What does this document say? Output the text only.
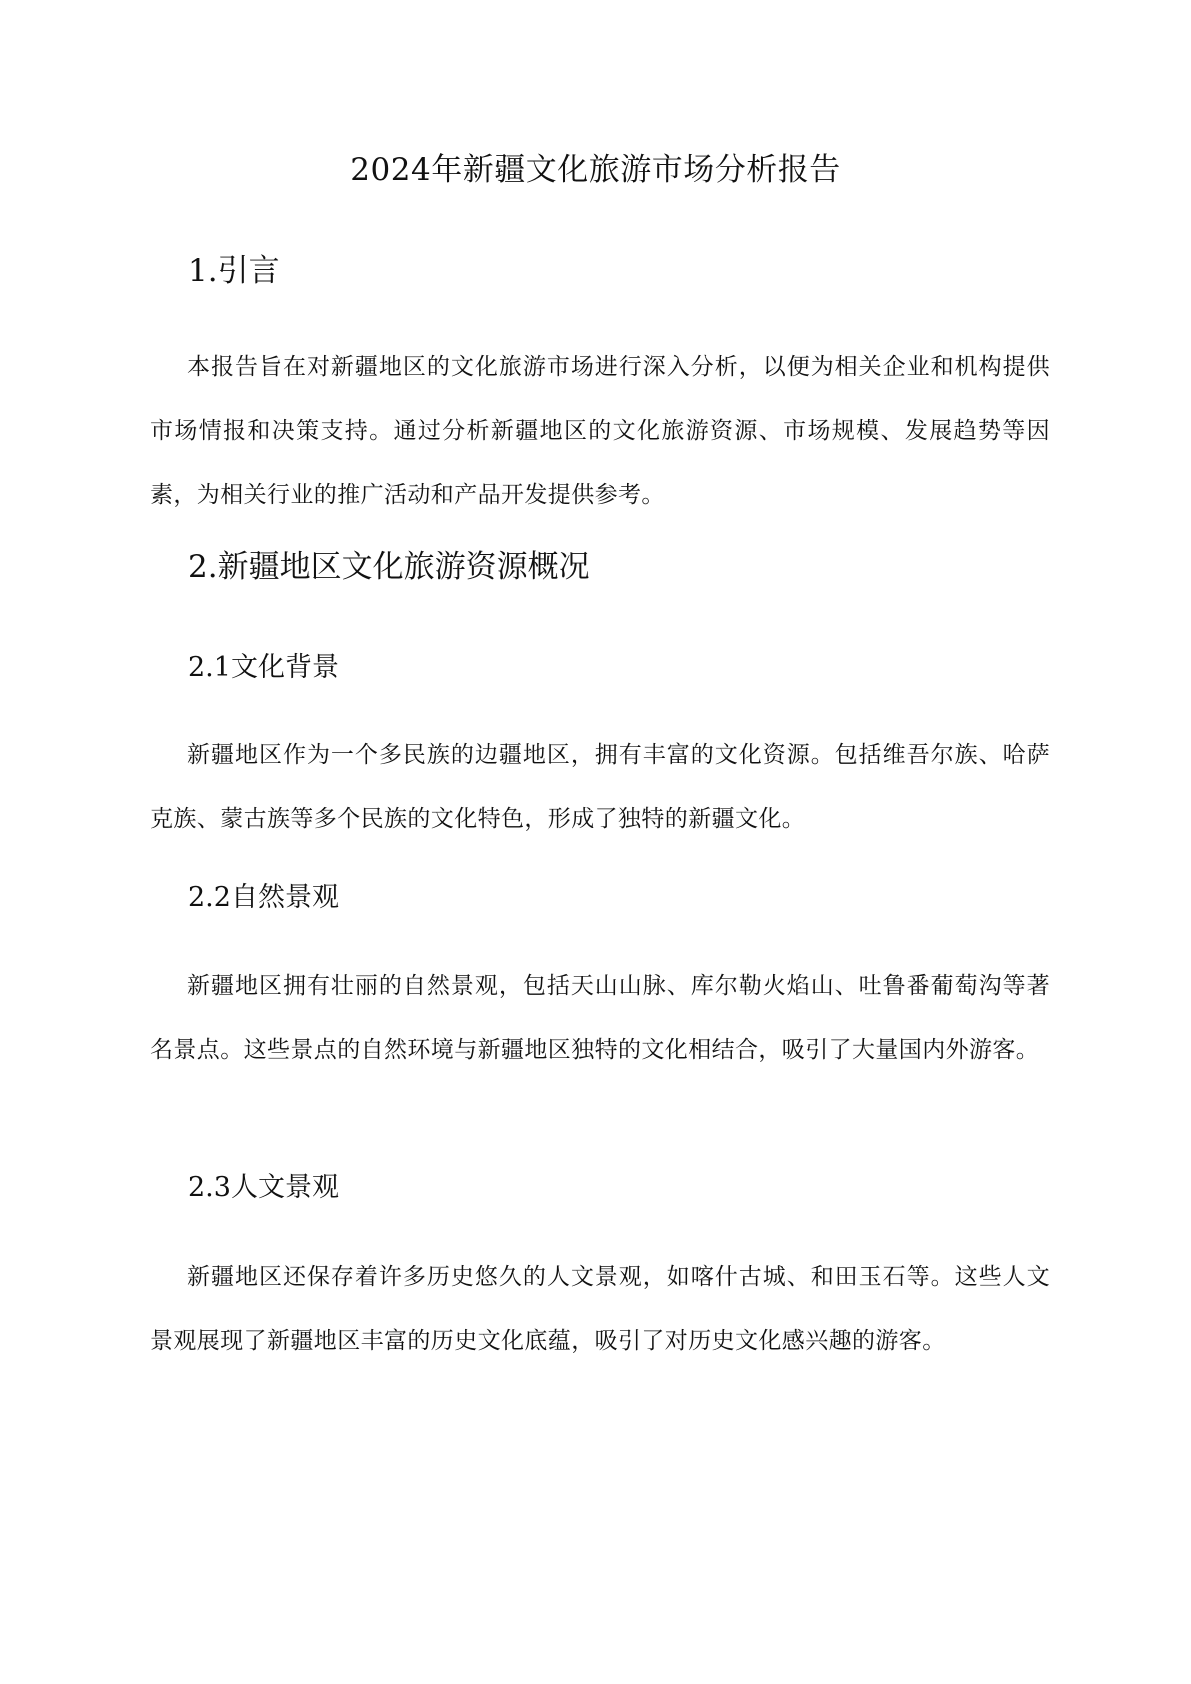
2024年新疆文化旅游市场分析报告
1.引言

本报告旨在对新疆地区的文化旅游市场进行深入分析，以便为相关企业和机构提供市场情报和决策支持。通过分析新疆地区的文化旅游资源、市场规模、发展趋势等因素，为相关行业的推广活动和产品开发提供参考。

2.新疆地区文化旅游资源概况
2.1文化背景

新疆地区作为一个多民族的边疆地区，拥有丰富的文化资源。包括维吾尔族、哈萨克族、蒙古族等多个民族的文化特色，形成了独特的新疆文化。

2.2自然景观

新疆地区拥有壮丽的自然景观，包括天山山脉、库尔勒火焰山、吐鲁番葡萄沟等著名景点。这些景点的自然环境与新疆地区独特的文化相结合，吸引了大量国内外游客。

2.3人文景观

新疆地区还保存着许多历史悠久的人文景观，如喀什古城、和田玉石等。这些人文景观展现了新疆地区丰富的历史文化底蕴，吸引了对历史文化感兴趣的游客。
